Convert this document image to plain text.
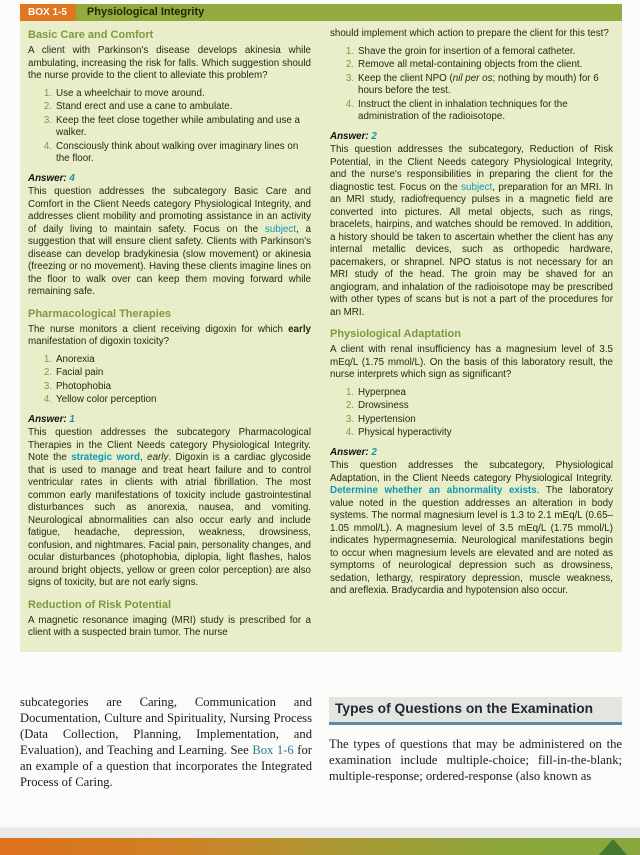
BOX 1-5	Physiological Integrity
Basic Care and Comfort

A client with Parkinson's disease develops akinesia while ambulating, increasing the risk for falls. Which suggestion should the nurse provide to the client to alleviate this problem?

1. Use a wheelchair to move around.
2. Stand erect and use a cane to ambulate.
3. Keep the feet close together while ambulating and use a walker.
4. Consciously think about walking over imaginary lines on the floor.

Answer: 4

This question addresses the subcategory Basic Care and Comfort in the Client Needs category Physiological Integrity, and addresses client mobility and promoting assistance in an activity of daily living to maintain safety. Focus on the subject, a suggestion that will ensure client safety. Clients with Parkinson's disease can develop bradykinesia (slow movement) or akinesia (freezing or no movement). Having these clients imagine lines on the floor to walk over can keep them moving forward while remaining safe.

Pharmacological Therapies

The nurse monitors a client receiving digoxin for which early manifestation of digoxin toxicity?

1. Anorexia
2. Facial pain
3. Photophobia
4. Yellow color perception

Answer: 1

This question addresses the subcategory Pharmacological Therapies in the Client Needs category Physiological Integrity. Note the strategic word, early. Digoxin is a cardiac glycoside that is used to manage and treat heart failure and to control ventricular rates in clients with atrial fibrillation. The most common early manifestations of toxicity include gastrointestinal disturbances such as anorexia, nausea, and vomiting. Neurological abnormalities can also occur early and include fatigue, headache, depression, weakness, drowsiness, confusion, and nightmares. Facial pain, personality changes, and ocular disturbances (photophobia, diplopia, light flashes, halos around bright objects, yellow or green color perception) are also signs of toxicity, but are not early signs.

Reduction of Risk Potential

A magnetic resonance imaging (MRI) study is prescribed for a client with a suspected brain tumor. The nurse

should implement which action to prepare the client for this test?

1. Shave the groin for insertion of a femoral catheter.
2. Remove all metal-containing objects from the client.
3. Keep the client NPO (nil per os; nothing by mouth) for 6 hours before the test.
4. Instruct the client in inhalation techniques for the administration of the radioisotope.

Answer: 2

This question addresses the subcategory, Reduction of Risk Potential, in the Client Needs category Physiological Integrity, and the nurse's responsibilities in preparing the client for the diagnostic test. Focus on the subject, preparation for an MRI. In an MRI study, radiofrequency pulses in a magnetic field are converted into pictures. All metal objects, such as rings, bracelets, hairpins, and watches should be removed. In addition, a history should be taken to ascertain whether the client has any internal metallic devices, such as orthopedic hardware, pacemakers, or shrapnel. NPO status is not necessary for an MRI study of the head. The groin may be shaved for an angiogram, and inhalation of the radioisotope may be prescribed with other types of scans but is not a part of the procedures for an MRI.

Physiological Adaptation

A client with renal insufficiency has a magnesium level of 3.5 mEq/L (1.75 mmol/L). On the basis of this laboratory result, the nurse interprets which sign as significant?

1. Hyperpnea
2. Drowsiness
3. Hypertension
4. Physical hyperactivity

Answer: 2

This question addresses the subcategory, Physiological Adaptation, in the Client Needs category Physiological Integrity. Determine whether an abnormality exists. The laboratory value noted in the question addresses an alteration in body systems. The normal magnesium level is 1.3 to 2.1 mEq/L (0.65–1.05 mmol/L). A magnesium level of 3.5 mEq/L (1.75 mmol/L) indicates hypermagnesemia. Neurological manifestations begin to occur when magnesium levels are elevated and are noted as symptoms of neurological depression such as drowsiness, sedation, lethargy, respiratory depression, muscle weakness, and areflexia. Bradycardia and hypotension also occur.

subcategories are Caring, Communication and Documentation, Culture and Spirituality, Nursing Process (Data Collection, Planning, Implementation, and Evaluation), and Teaching and Learning. See Box 1-6 for an example of a question that incorporates the Integrated Process of Caring.

Types of Questions on the Examination

The types of questions that may be administered on the examination include multiple-choice; fill-in-the-blank; multiple-response; ordered-response (also known as
